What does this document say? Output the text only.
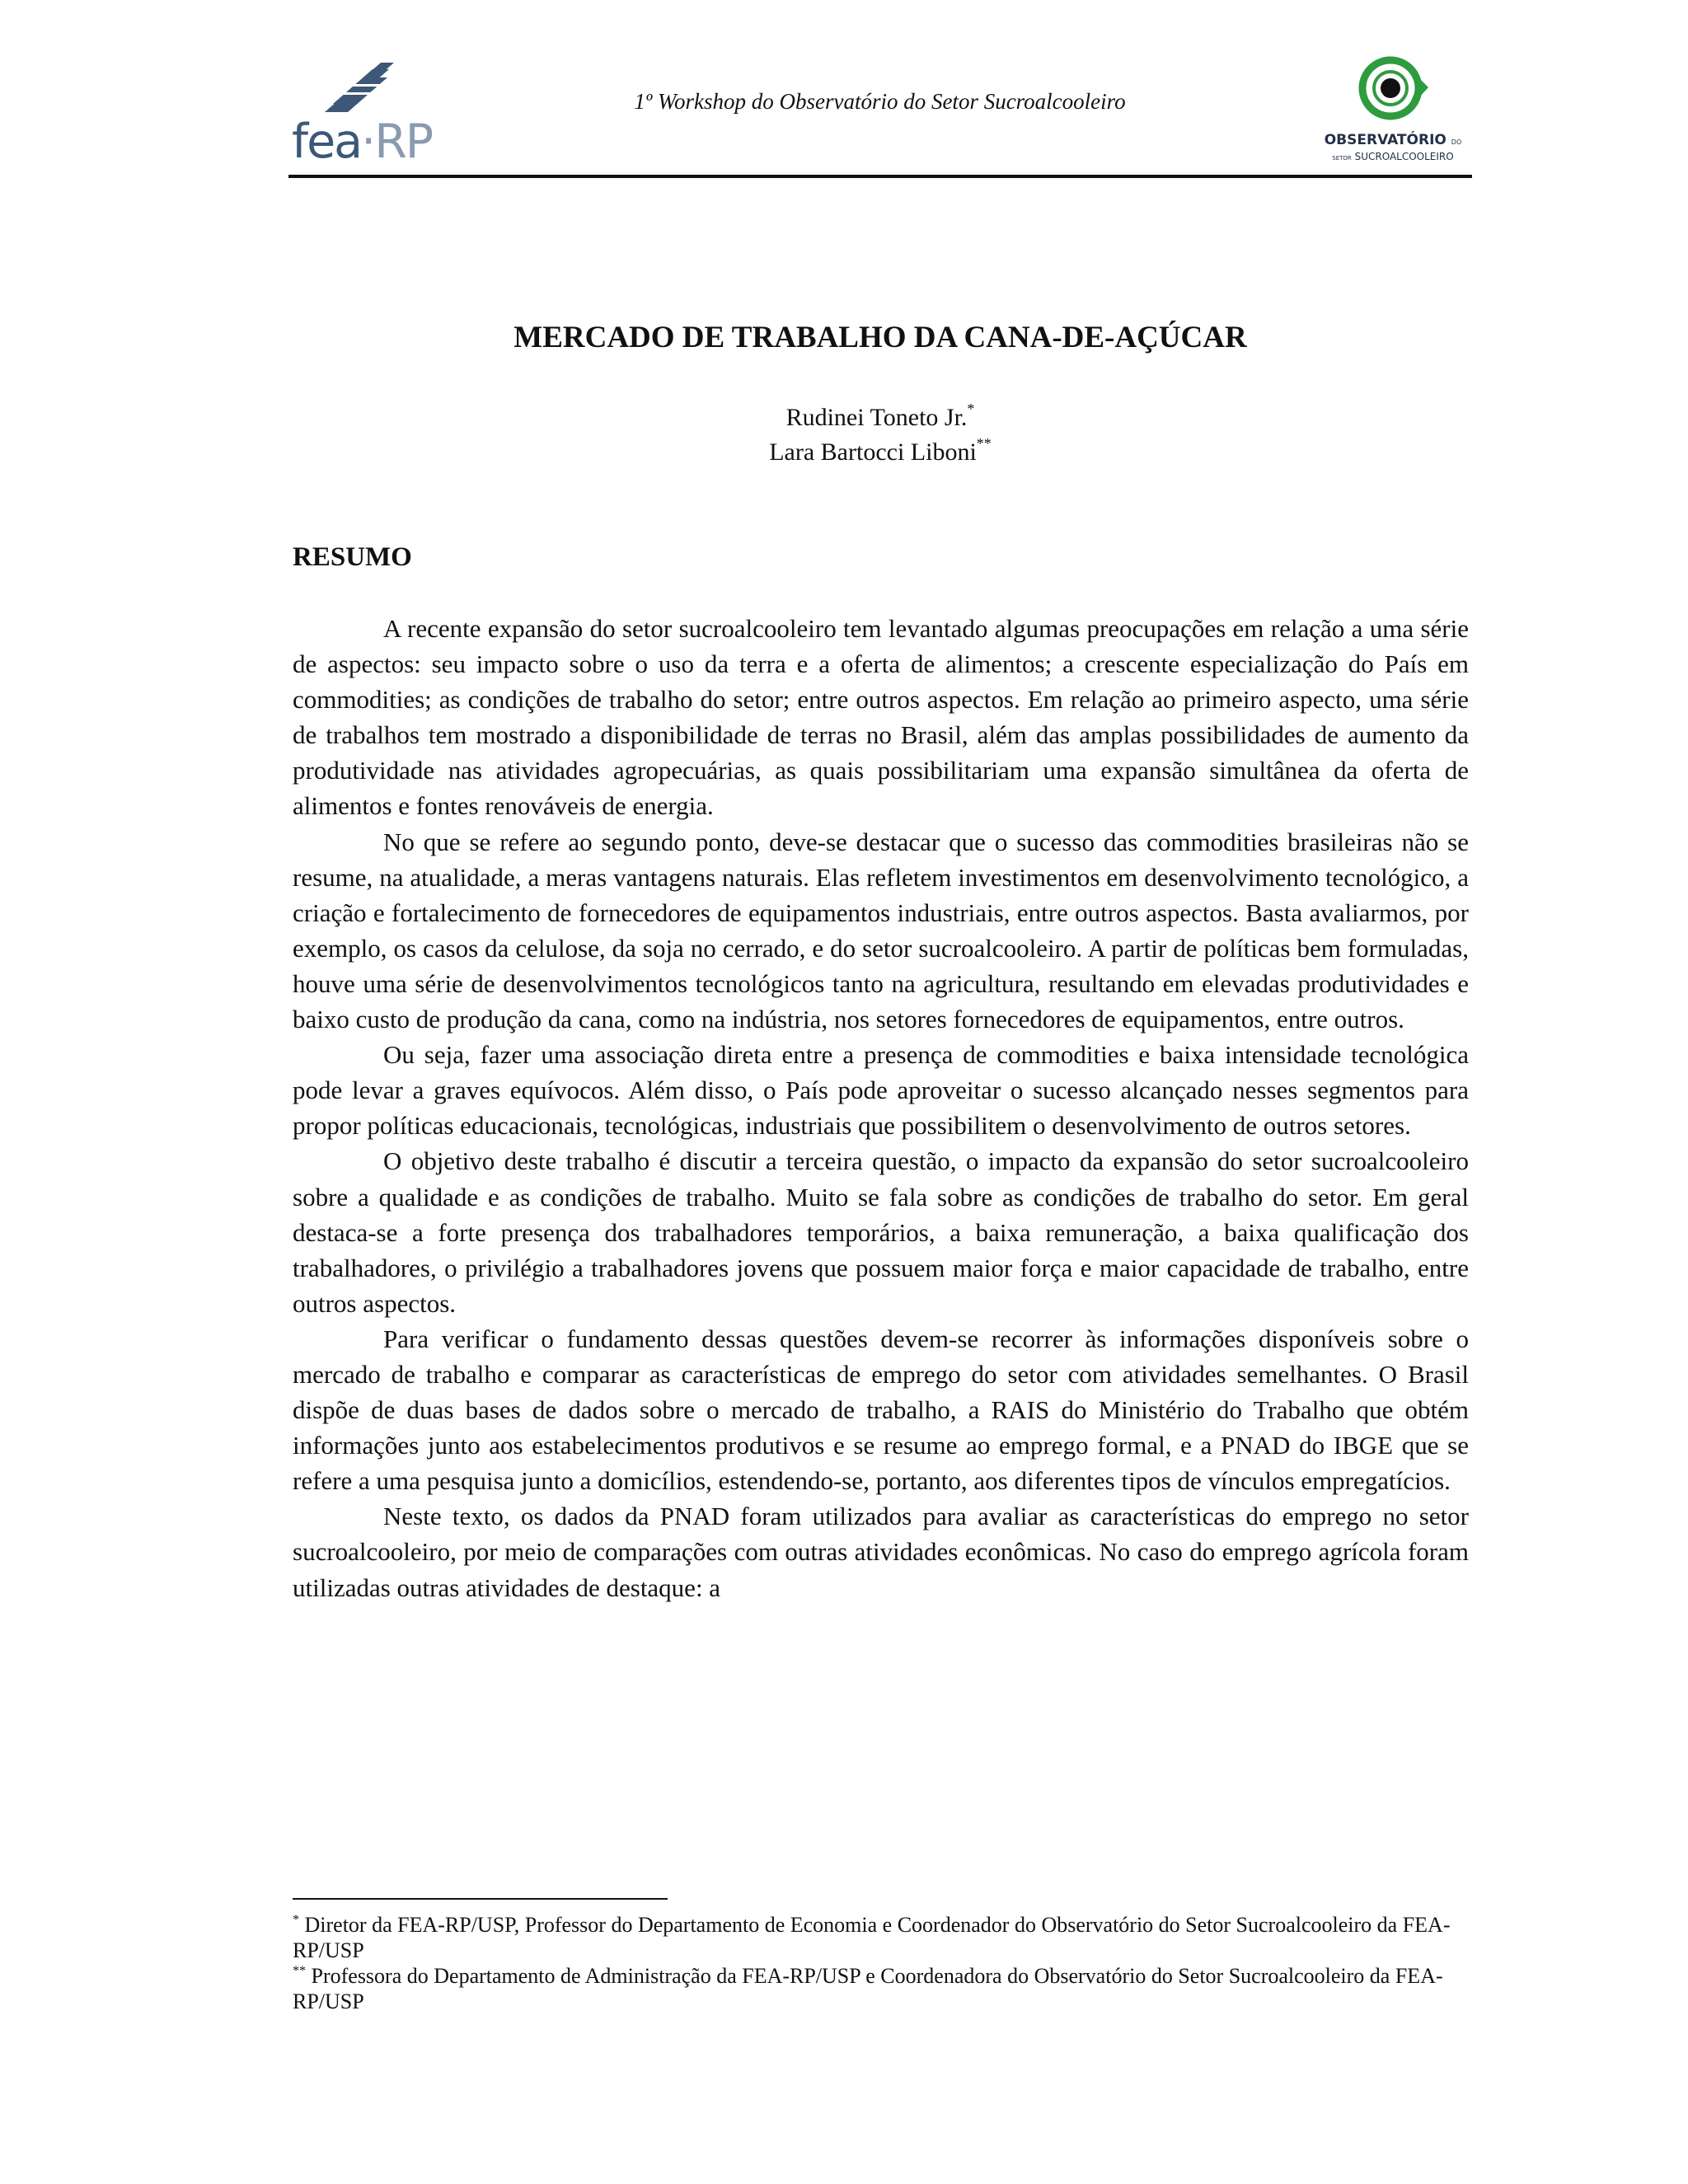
fea·RP
1º Workshop do Observatório do Setor Sucroalcooleiro
OBSERVATÓRIO DO
SETOR SUCROALCOOLEIRO
MERCADO DE TRABALHO DA CANA-DE-AÇÚCAR
Rudinei Toneto Jr.*
Lara Bartocci Liboni**
RESUMO

A recente expansão do setor sucroalcooleiro tem levantado algumas preocupações em relação a uma série de aspectos: seu impacto sobre o uso da terra e a oferta de alimentos; a crescente especialização do País em commodities; as condições de trabalho do setor; entre outros aspectos. Em relação ao primeiro aspecto, uma série de trabalhos tem mostrado a disponibilidade de terras no Brasil, além das amplas possibilidades de aumento da produtividade nas atividades agropecuárias, as quais possibilitariam uma expansão simultânea da oferta de alimentos e fontes renováveis de energia.

No que se refere ao segundo ponto, deve-se destacar que o sucesso das commodities brasileiras não se resume, na atualidade, a meras vantagens naturais. Elas refletem investimentos em desenvolvimento tecnológico, a criação e fortalecimento de fornecedores de equipamentos industriais, entre outros aspectos. Basta avaliarmos, por exemplo, os casos da celulose, da soja no cerrado, e do setor sucroalcooleiro. A partir de políticas bem formuladas, houve uma série de desenvolvimentos tecnológicos tanto na agricultura, resultando em elevadas produtividades e baixo custo de produção da cana, como na indústria, nos setores fornecedores de equipamentos, entre outros.

Ou seja, fazer uma associação direta entre a presença de commodities e baixa intensidade tecnológica pode levar a graves equívocos. Além disso, o País pode aproveitar o sucesso alcançado nesses segmentos para propor políticas educacionais, tecnológicas, industriais que possibilitem o desenvolvimento de outros setores.

O objetivo deste trabalho é discutir a terceira questão, o impacto da expansão do setor sucroalcooleiro sobre a qualidade e as condições de trabalho. Muito se fala sobre as condições de trabalho do setor. Em geral destaca-se a forte presença dos trabalhadores temporários, a baixa remuneração, a baixa qualificação dos trabalhadores, o privilégio a trabalhadores jovens que possuem maior força e maior capacidade de trabalho, entre outros aspectos.

Para verificar o fundamento dessas questões devem-se recorrer às informações disponíveis sobre o mercado de trabalho e comparar as características de emprego do setor com atividades semelhantes. O Brasil dispõe de duas bases de dados sobre o mercado de trabalho, a RAIS do Ministério do Trabalho que obtém informações junto aos estabelecimentos produtivos e se resume ao emprego formal, e a PNAD do IBGE que se refere a uma pesquisa junto a domicílios, estendendo-se, portanto, aos diferentes tipos de vínculos empregatícios.

Neste texto, os dados da PNAD foram utilizados para avaliar as características do emprego no setor sucroalcooleiro, por meio de comparações com outras atividades econômicas. No caso do emprego agrícola foram utilizadas outras atividades de destaque: a

* Diretor da FEA-RP/USP, Professor do Departamento de Economia e Coordenador do Observatório do Setor Sucroalcooleiro da FEA-RP/USP

** Professora do Departamento de Administração da FEA-RP/USP e Coordenadora do Observatório do Setor Sucroalcooleiro da FEA-RP/USP
